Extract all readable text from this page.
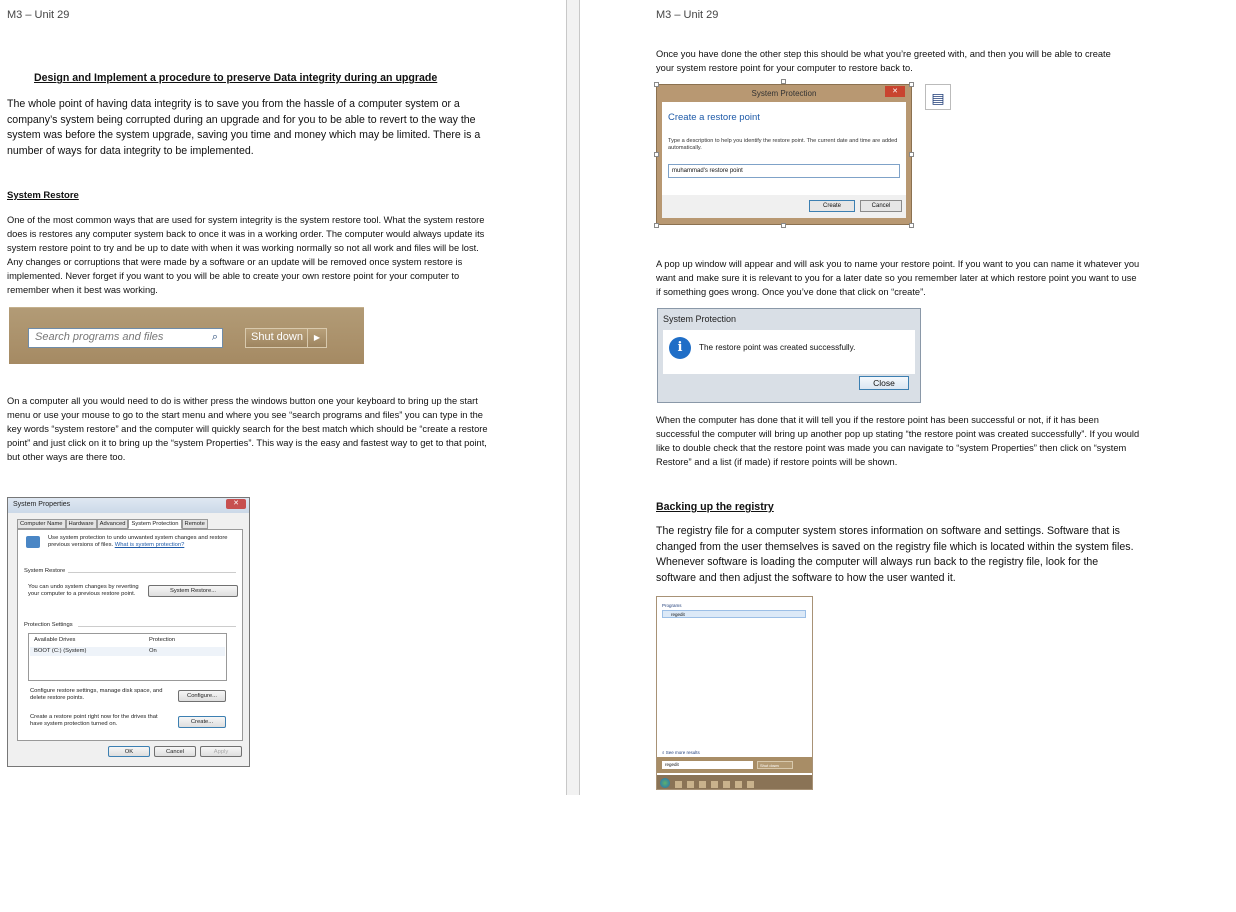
M3 – Unit 29
Design and Implement a procedure to preserve Data integrity during an upgrade

The whole point of having data integrity is to save you from the hassle of a computer system or a company’s system being corrupted during an upgrade and for you to be able to revert to the way the system was before the system upgrade, saving you time and money which may be limited. There is a number of ways for data integrity to be implemented.

System Restore

One of the most common ways that are used for system integrity is the system restore tool. What the system restore does is restores any computer system back to once it was in a working order. The computer would always update its system restore point to try and be up to date with when it was working normally so not all work and files will be lost. Any changes or corruptions that were made by a software or an update will be removed once system restore is implemented. Never forget if you want to you will be able to create your own restore point for your computer to remember when it best was working.

Search programs and files	⌕	Shut down	▶

On a computer all you would need to do is wither press the windows button one your keyboard to bring up the start menu or use your mouse to go to the start menu and where you see “search programs and files” you can type in the key words “system restore” and the computer will quickly search for the best match which should be “create a restore point” and just click on it to bring up the “system Properties”. This way is the easy and fastest way to get to that point, but other ways are there too.

System Properties	✕
Computer Name Hardware Advanced System Protection Remote
Use system protection to undo unwanted system changes and restore previous versions of files. What is system protection?
System Restore
You can undo system changes by reverting your computer to a previous restore point.	System Restore...
Protection Settings
Available Drives	Protection
BOOT (C:) (System)	On
Configure restore settings, manage disk space, and delete restore points.	Configure...
Create a restore point right now for the drives that have system protection turned on.	Create...
OK	Cancel	Apply
M3 – Unit 29

Once you have done the other step this should be what you’re greeted with, and then you will be able to create your system restore point for your computer to restore back to.

System Protection	✕
Create a restore point
Type a description to help you identify the restore point. The current date and time are added automatically.
muhammad's restore point
Create	Cancel
▤

A pop up window will appear and will ask you to name your restore point. If you want to you can name it whatever you want and make sure it is relevant to you for a later date so you remember later at which restore point you want to use if something goes wrong. Once you’ve done that click on “create”.

System Protection
i	The restore point was created successfully.
Close

When the computer has done that it will tell you if the restore point has been successful or not, if it has been successful the computer will bring up another pop up stating “the restore point was created successfully”. If you would like to double check that the restore point was made you can navigate to “system Properties” then click on “system Restore” and a list (if made) if restore points will be shown.

Backing up the registry

The registry file for a computer system stores information on software and settings. Software that is changed from the user themselves is saved on the registry file which is located within the system files. Whenever software is loading the computer will always run back to the registry file, look for the software and then adjust the software to how the user wanted it.

Programs
regedit
⌕ See more results
regedit	Shut down
